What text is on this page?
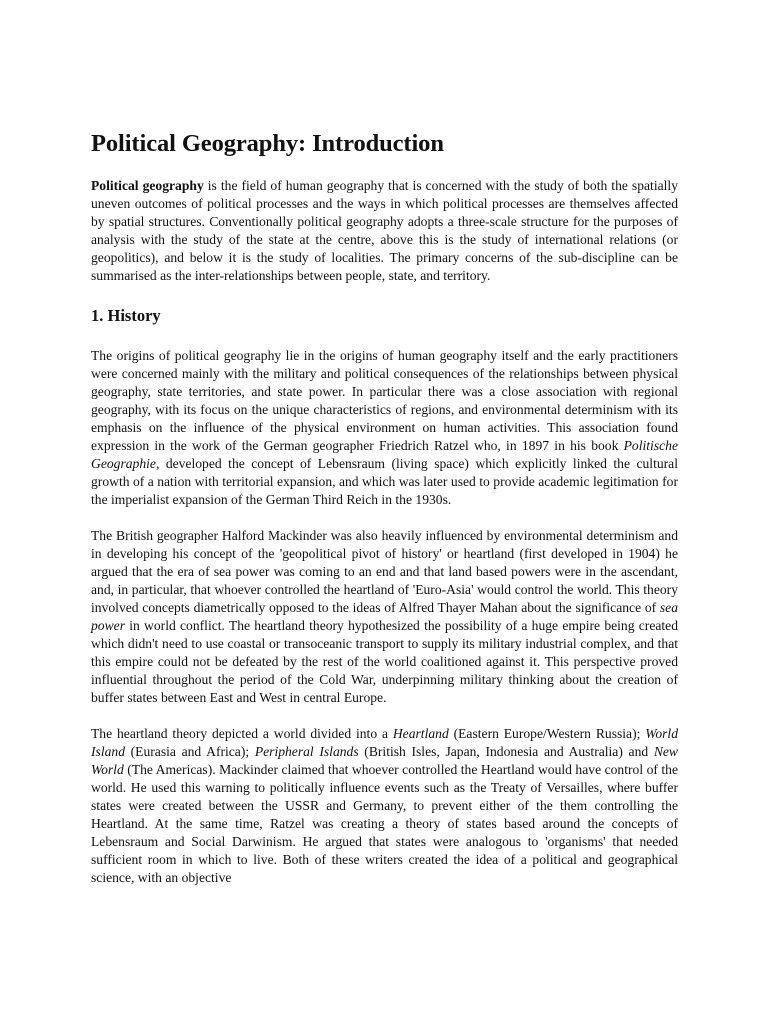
Political Geography: Introduction

Political geography is the field of human geography that is concerned with the study of both the spatially uneven outcomes of political processes and the ways in which political processes are themselves affected by spatial structures. Conventionally political geography adopts a three-scale structure for the purposes of analysis with the study of the state at the centre, above this is the study of international relations (or geopolitics), and below it is the study of localities. The primary concerns of the sub-discipline can be summarised as the inter-relationships between people, state, and territory.

1. History

The origins of political geography lie in the origins of human geography itself and the early practitioners were concerned mainly with the military and political consequences of the relationships between physical geography, state territories, and state power. In particular there was a close association with regional geography, with its focus on the unique characteristics of regions, and environmental determinism with its emphasis on the influence of the physical environment on human activities. This association found expression in the work of the German geographer Friedrich Ratzel who, in 1897 in his book Politische Geographie, developed the concept of Lebensraum (living space) which explicitly linked the cultural growth of a nation with territorial expansion, and which was later used to provide academic legitimation for the imperialist expansion of the German Third Reich in the 1930s.

The British geographer Halford Mackinder was also heavily influenced by environmental determinism and in developing his concept of the 'geopolitical pivot of history' or heartland (first developed in 1904) he argued that the era of sea power was coming to an end and that land based powers were in the ascendant, and, in particular, that whoever controlled the heartland of 'Euro-Asia' would control the world. This theory involved concepts diametrically opposed to the ideas of Alfred Thayer Mahan about the significance of sea power in world conflict. The heartland theory hypothesized the possibility of a huge empire being created which didn't need to use coastal or transoceanic transport to supply its military industrial complex, and that this empire could not be defeated by the rest of the world coalitioned against it. This perspective proved influential throughout the period of the Cold War, underpinning military thinking about the creation of buffer states between East and West in central Europe.

The heartland theory depicted a world divided into a Heartland (Eastern Europe/Western Russia); World Island (Eurasia and Africa); Peripheral Islands (British Isles, Japan, Indonesia and Australia) and New World (The Americas). Mackinder claimed that whoever controlled the Heartland would have control of the world. He used this warning to politically influence events such as the Treaty of Versailles, where buffer states were created between the USSR and Germany, to prevent either of the them controlling the Heartland. At the same time, Ratzel was creating a theory of states based around the concepts of Lebensraum and Social Darwinism. He argued that states were analogous to 'organisms' that needed sufficient room in which to live. Both of these writers created the idea of a political and geographical science, with an objective
